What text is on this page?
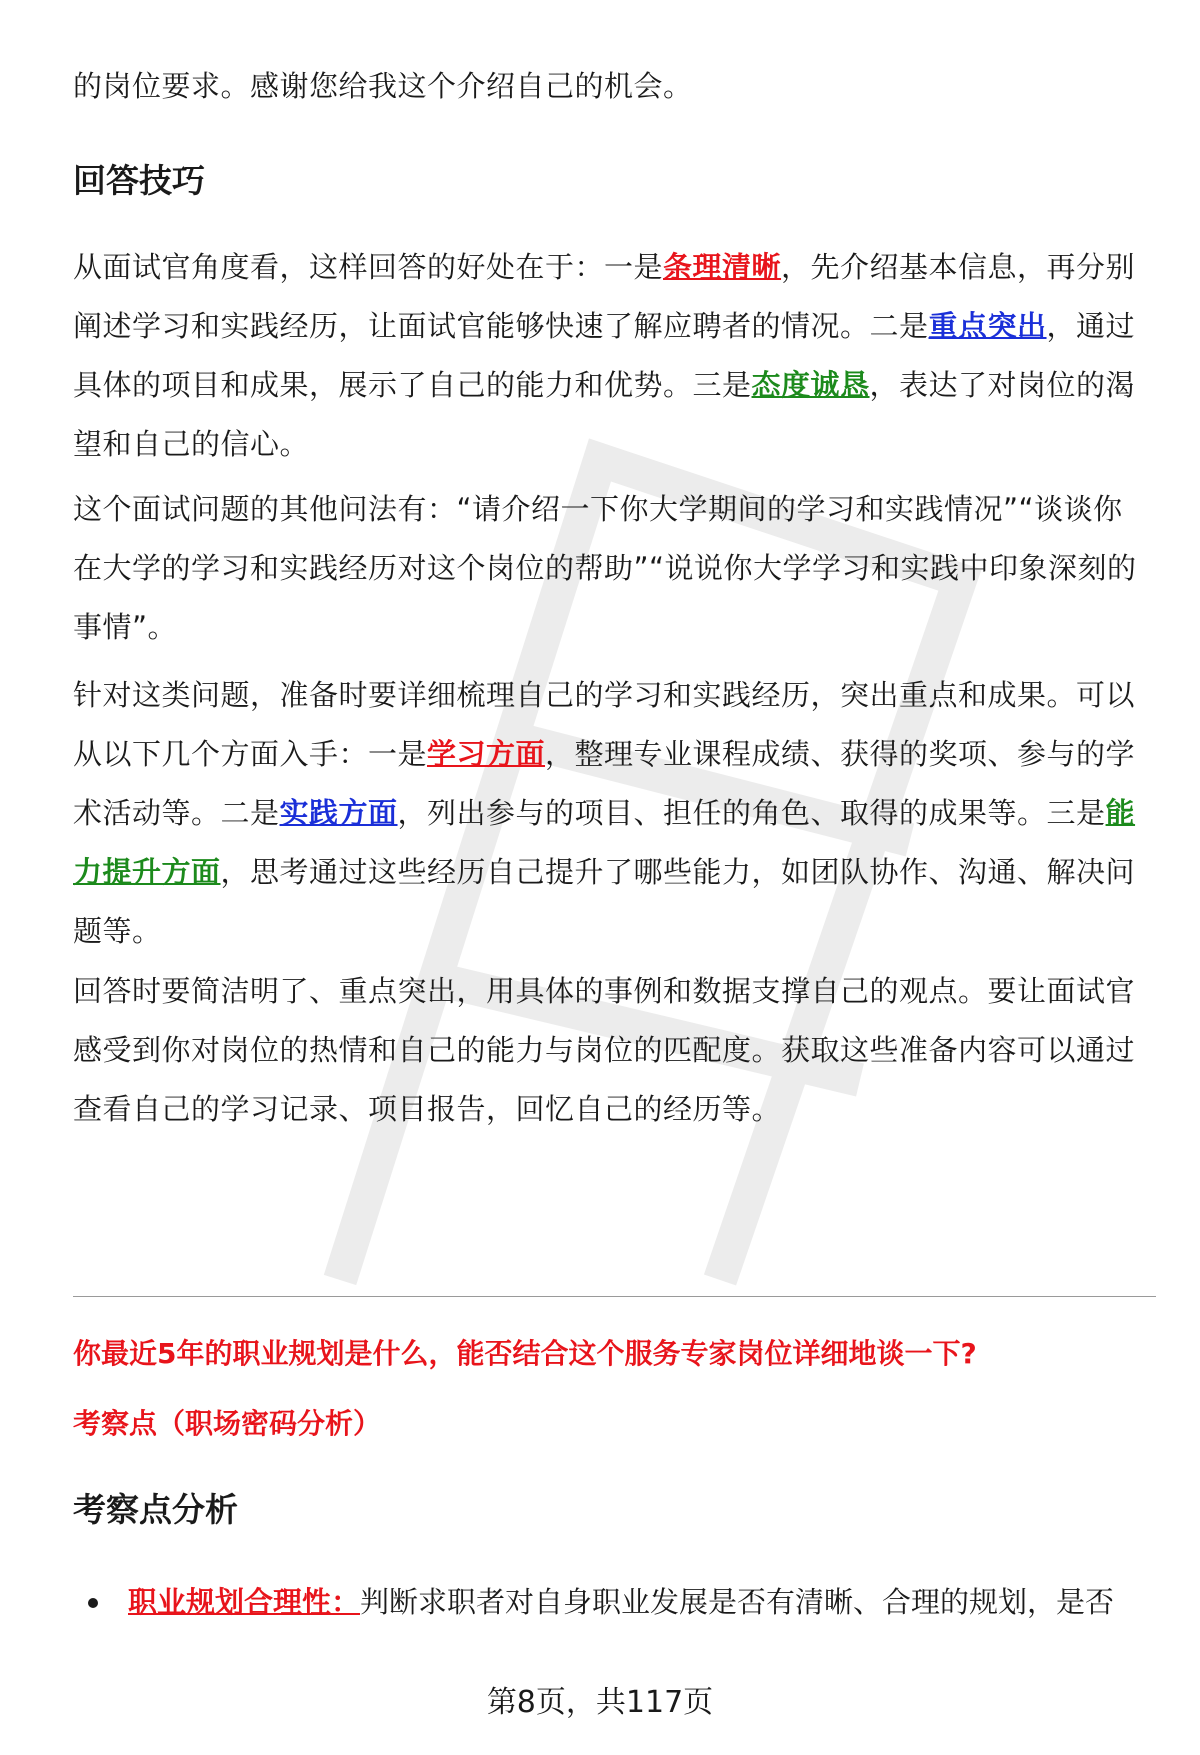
的岗位要求。感谢您给我这个介绍自己的机会。

回答技巧

从面试官角度看，这样回答的好处在于：一是条理清晰，先介绍基本信息，再分别阐述学习和实践经历，让面试官能够快速了解应聘者的情况。二是重点突出，通过具体的项目和成果，展示了自己的能力和优势。三是态度诚恳，表达了对岗位的渴望和自己的信心。

这个面试问题的其他问法有：“请介绍一下你大学期间的学习和实践情况”“谈谈你在大学的学习和实践经历对这个岗位的帮助”“说说你大学学习和实践中印象深刻的事情”。

针对这类问题，准备时要详细梳理自己的学习和实践经历，突出重点和成果。可以从以下几个方面入手：一是学习方面，整理专业课程成绩、获得的奖项、参与的学术活动等。二是实践方面，列出参与的项目、担任的角色、取得的成果等。三是能力提升方面，思考通过这些经历自己提升了哪些能力，如团队协作、沟通、解决问题等。

回答时要简洁明了、重点突出，用具体的事例和数据支撑自己的观点。要让面试官感受到你对岗位的热情和自己的能力与岗位的匹配度。获取这些准备内容可以通过查看自己的学习记录、项目报告，回忆自己的经历等。

你最近5年的职业规划是什么，能否结合这个服务专家岗位详细地谈一下?

考察点（职场密码分析）

考察点分析
职业规划合理性：判断求职者对自身职业发展是否有清晰、合理的规划，是否
第8页，共117页
